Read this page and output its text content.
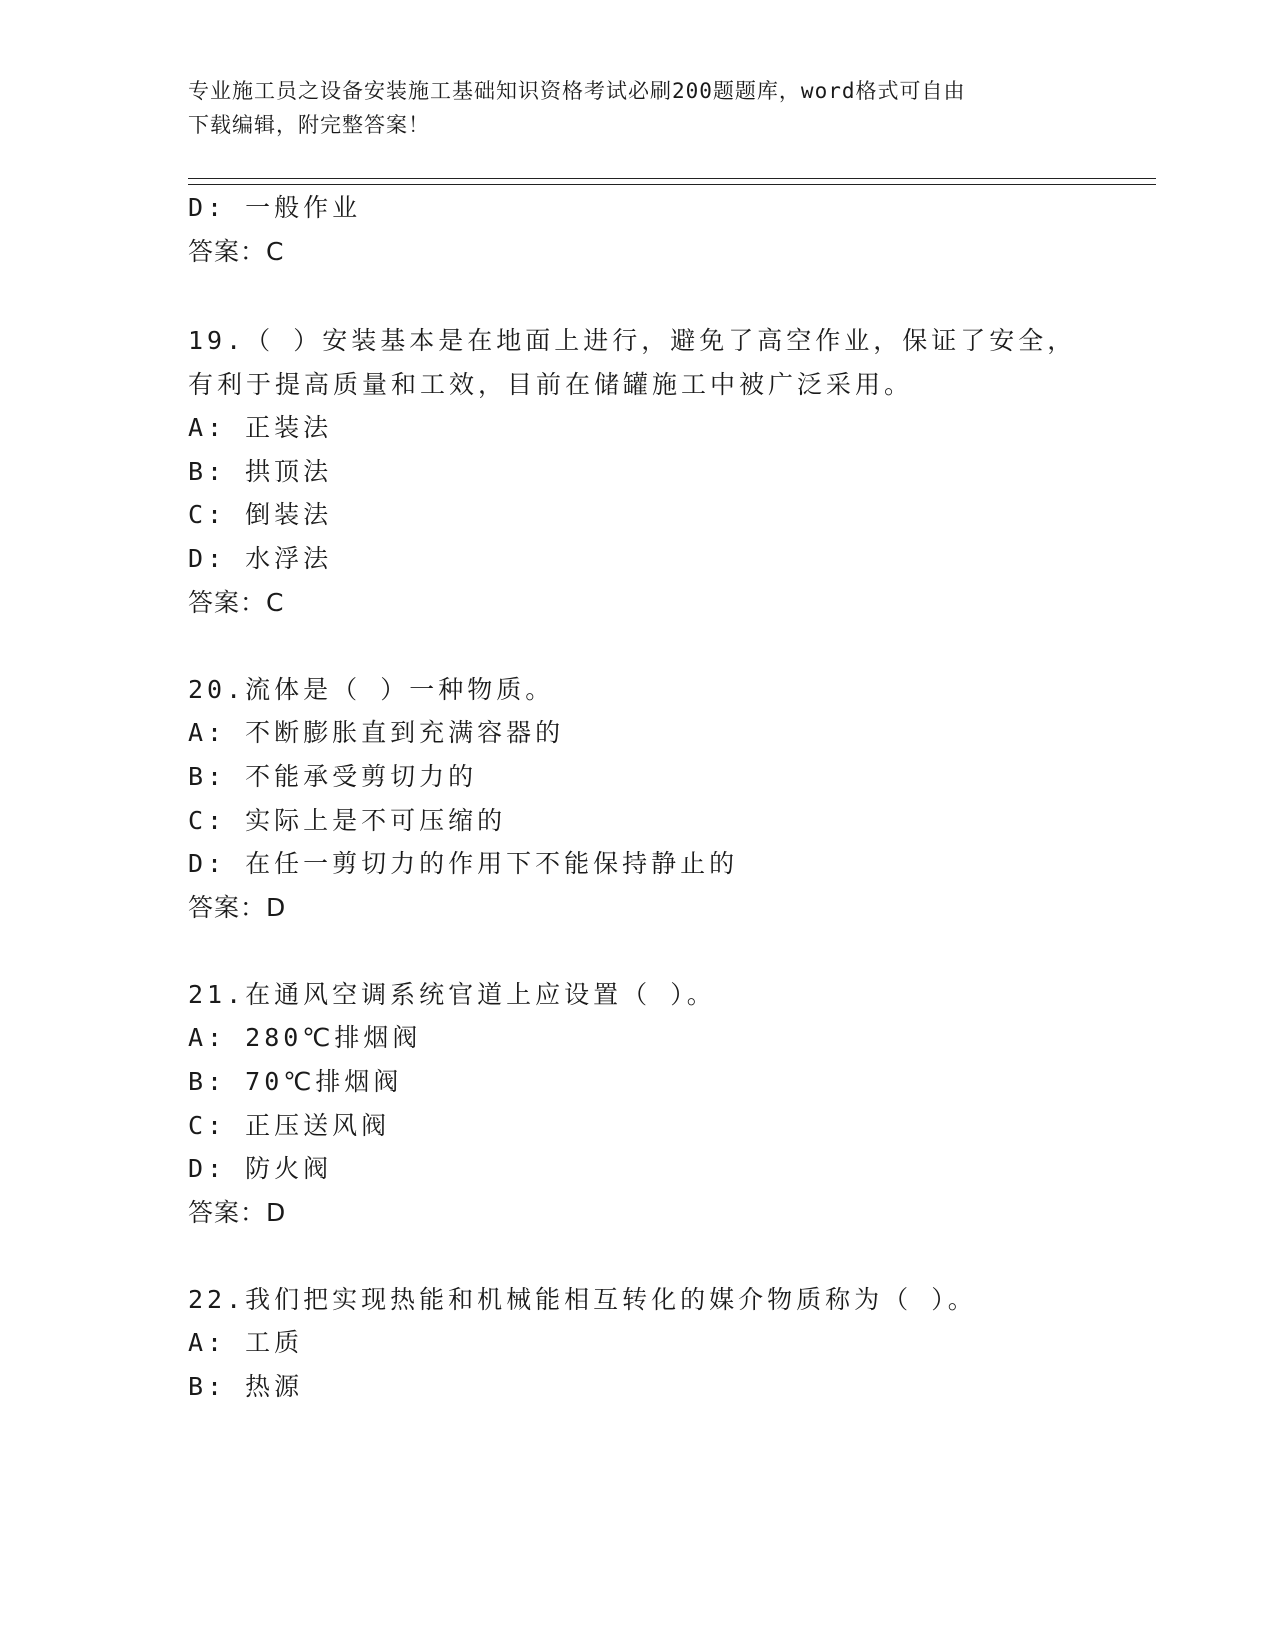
专业施工员之设备安装施工基础知识资格考试必刷200题题库，word格式可自由
下载编辑，附完整答案！
D: 一般作业
答案：C
19.（ ）安装基本是在地面上进行，避免了高空作业，保证了安全，
有利于提高质量和工效，目前在储罐施工中被广泛采用。
A: 正装法
B: 拱顶法
C: 倒装法
D: 水浮法
答案：C
20.流体是（ ）一种物质。
A: 不断膨胀直到充满容器的
B: 不能承受剪切力的
C: 实际上是不可压缩的
D: 在任一剪切力的作用下不能保持静止的
答案：D
21.在通风空调系统官道上应设置（ ）。
A: 280℃排烟阀
B: 70℃排烟阀
C: 正压送风阀
D: 防火阀
答案：D
22.我们把实现热能和机械能相互转化的媒介物质称为（ ）。
A: 工质
B: 热源
